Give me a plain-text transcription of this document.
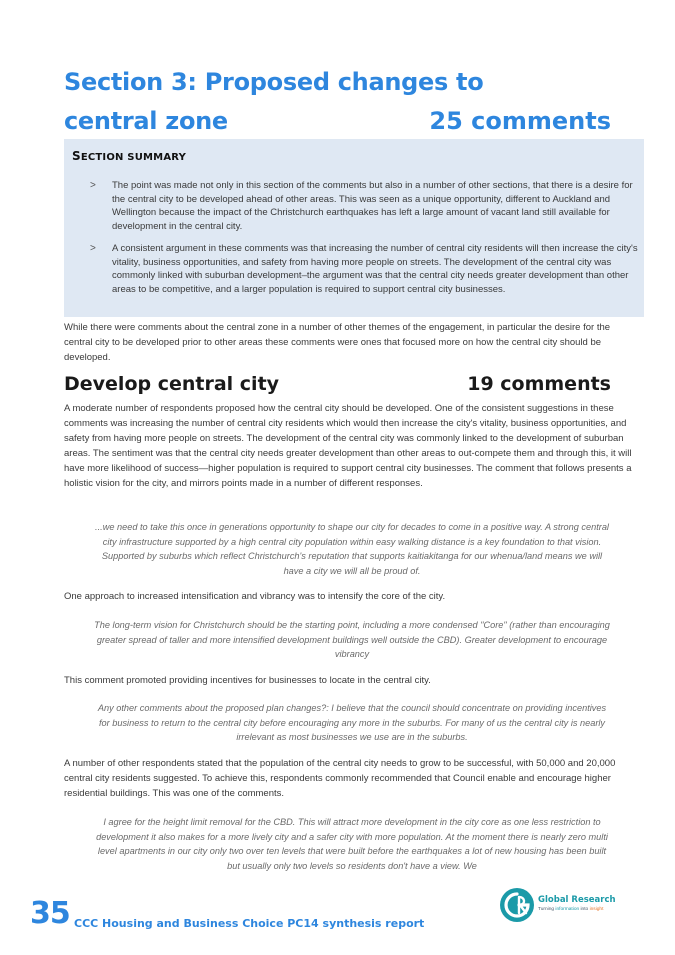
Section 3: Proposed changes to
central zone	25 comments
SECTION SUMMARY
> The point was made not only in this section of the comments but also in a number of other sections, that there is a desire for the central city to be developed ahead of other areas. This was seen as a unique opportunity, different to Auckland and Wellington because the impact of the Christchurch earthquakes has left a large amount of vacant land still available for development in the central city.
> A consistent argument in these comments was that increasing the number of central city residents will then increase the city's vitality, business opportunities, and safety from having more people on streets. The development of the central city was commonly linked with suburban development–the argument was that the central city needs greater development than other areas to be competitive, and a larger population is required to support central city businesses.

While there were comments about the central zone in a number of other themes of the engagement, in particular the desire for the central city to be developed prior to other areas these comments were ones that focused more on how the central city should be developed.

Develop central city	19 comments

A moderate number of respondents proposed how the central city should be developed. One of the consistent suggestions in these comments was increasing the number of central city residents which would then increase the city's vitality, business opportunities, and safety from having more people on streets. The development of the central city was commonly linked to the development of suburban areas. The sentiment was that the central city needs greater development than other areas to out-compete them and through this, it will have more likelihood of success—higher population is required to support central city businesses. The comment that follows presents a holistic vision for the city, and mirrors points made in a number of different responses.

...we need to take this once in generations opportunity to shape our city for decades to come in a positive way. A strong central city infrastructure supported by a high central city population within easy walking distance is a key foundation to that vision. Supported by suburbs which reflect Christchurch's reputation that supports kaitiakitanga for our whenua/land means we will have a city we will all be proud of.

One approach to increased intensification and vibrancy was to intensify the core of the city.

The long-term vision for Christchurch should be the starting point, including a more condensed "Core" (rather than encouraging greater spread of taller and more intensified development buildings well outside the CBD). Greater development to encourage vibrancy

This comment promoted providing incentives for businesses to locate in the central city.

Any other comments about the proposed plan changes?: I believe that the council should concentrate on providing incentives for business to return to the central city before encouraging any more in the suburbs. For many of us the central city is nearly irrelevant as most businesses we use are in the suburbs.

A number of other respondents stated that the population of the central city needs to grow to be successful, with 50,000 and 20,000 central city residents suggested. To achieve this, respondents commonly recommended that Council enable and encourage higher residential buildings. This was one of the comments.

I agree for the height limit removal for the CBD. This will attract more development in the city core as one less restriction to development it also makes for a more lively city and a safer city with more population. At the moment there is nearly zero multi level apartments in our city only two over ten levels that were built before the earthquakes a lot of new housing has been built but usually only two levels so residents don't have a view. We

35 CCC Housing and Business Choice PC14 synthesis report
Global Research
Turning information into insight
